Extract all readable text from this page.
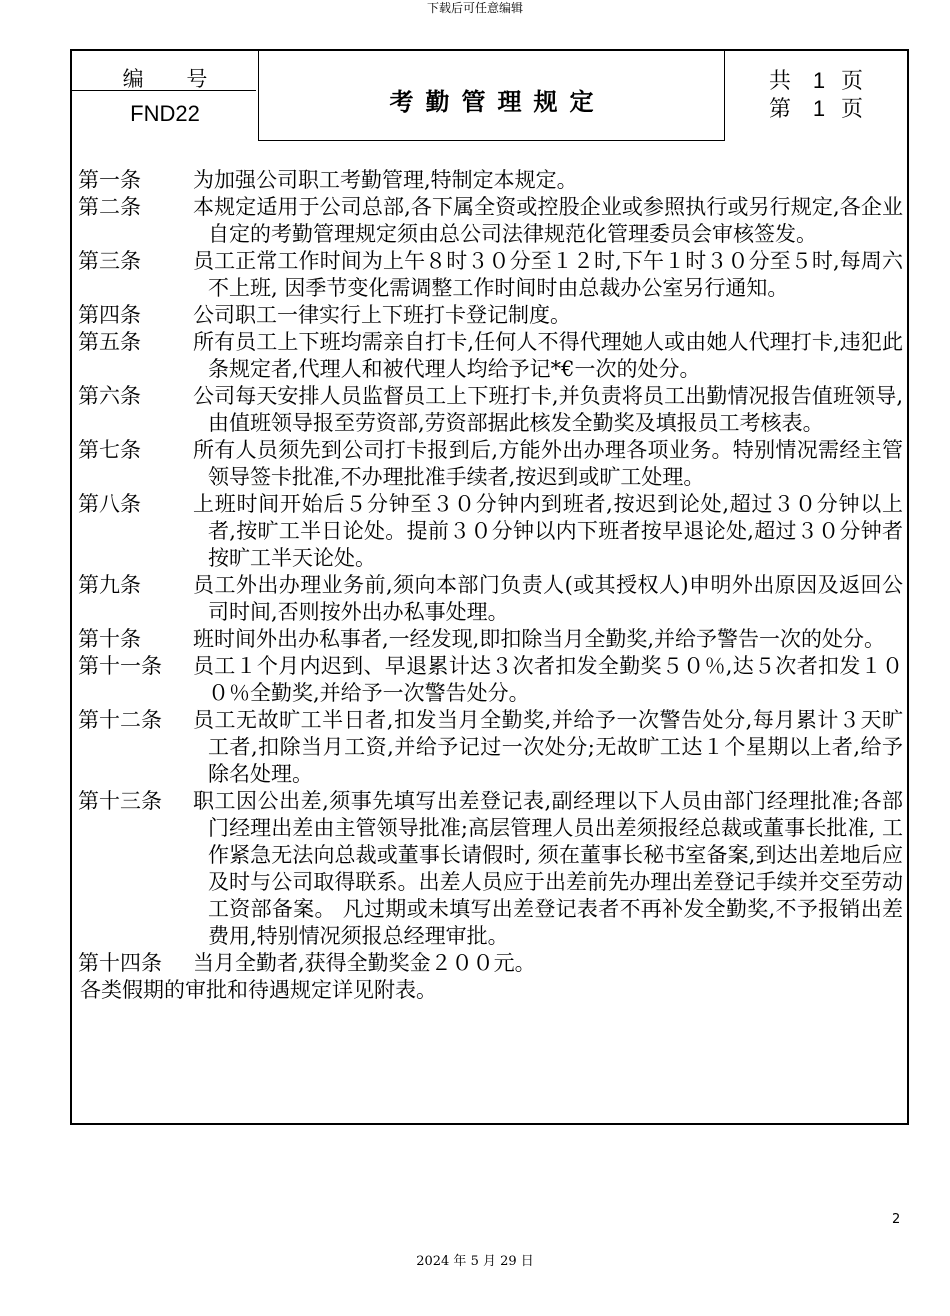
下载后可任意编辑
编 号
FND22	考勤管理规定
共 1 页
第 1 页
第一条 为加强公司职工考勤管理,特制定本规定。
第二条 本规定适用于公司总部,各下属全资或控股企业或参照执行或另行规定,各企业自定的考勤管理规定须由总公司法律规范化管理委员会审核签发。
第三条 员工正常工作时间为上午８时３０分至１２时,下午１时３０分至５时,每周六不上班, 因季节变化需调整工作时间时由总裁办公室另行通知。
第四条 公司职工一律实行上下班打卡登记制度。
第五条 所有员工上下班均需亲自打卡,任何人不得代理她人或由她人代理打卡,违犯此条规定者,代理人和被代理人均给予记*€一次的处分。
第六条 公司每天安排人员监督员工上下班打卡,并负责将员工出勤情况报告值班领导,由值班领导报至劳资部,劳资部据此核发全勤奖及填报员工考核表。
第七条 所有人员须先到公司打卡报到后,方能外出办理各项业务。特别情况需经主管领导签卡批准,不办理批准手续者,按迟到或旷工处理。
第八条 上班时间开始后５分钟至３０分钟内到班者,按迟到论处,超过３０分钟以上者,按旷工半日论处。提前３０分钟以内下班者按早退论处,超过３０分钟者按旷工半天论处。
第九条 员工外出办理业务前,须向本部门负责人(或其授权人)申明外出原因及返回公司时间,否则按外出办私事处理。
第十条 班时间外出办私事者,一经发现,即扣除当月全勤奖,并给予警告一次的处分。
第十一条 员工１个月内迟到、早退累计达３次者扣发全勤奖５０％,达５次者扣发１００％全勤奖,并给予一次警告处分。
第十二条 员工无故旷工半日者,扣发当月全勤奖,并给予一次警告处分,每月累计３天旷工者,扣除当月工资,并给予记过一次处分;无故旷工达１个星期以上者,给予除名处理。
第十三条 职工因公出差,须事先填写出差登记表,副经理以下人员由部门经理批准;各部门经理出差由主管领导批准;高层管理人员出差须报经总裁或董事长批准, 工作紧急无法向总裁或董事长请假时, 须在董事长秘书室备案,到达出差地后应及时与公司取得联系。出差人员应于出差前先办理出差登记手续并交至劳动工资部备案。 凡过期或未填写出差登记表者不再补发全勤奖,不予报销出差费用,特别情况须报总经理审批。
第十四条 当月全勤者,获得全勤奖金２００元。
各类假期的审批和待遇规定详见附表。
2
2024 年 5 月 29 日
